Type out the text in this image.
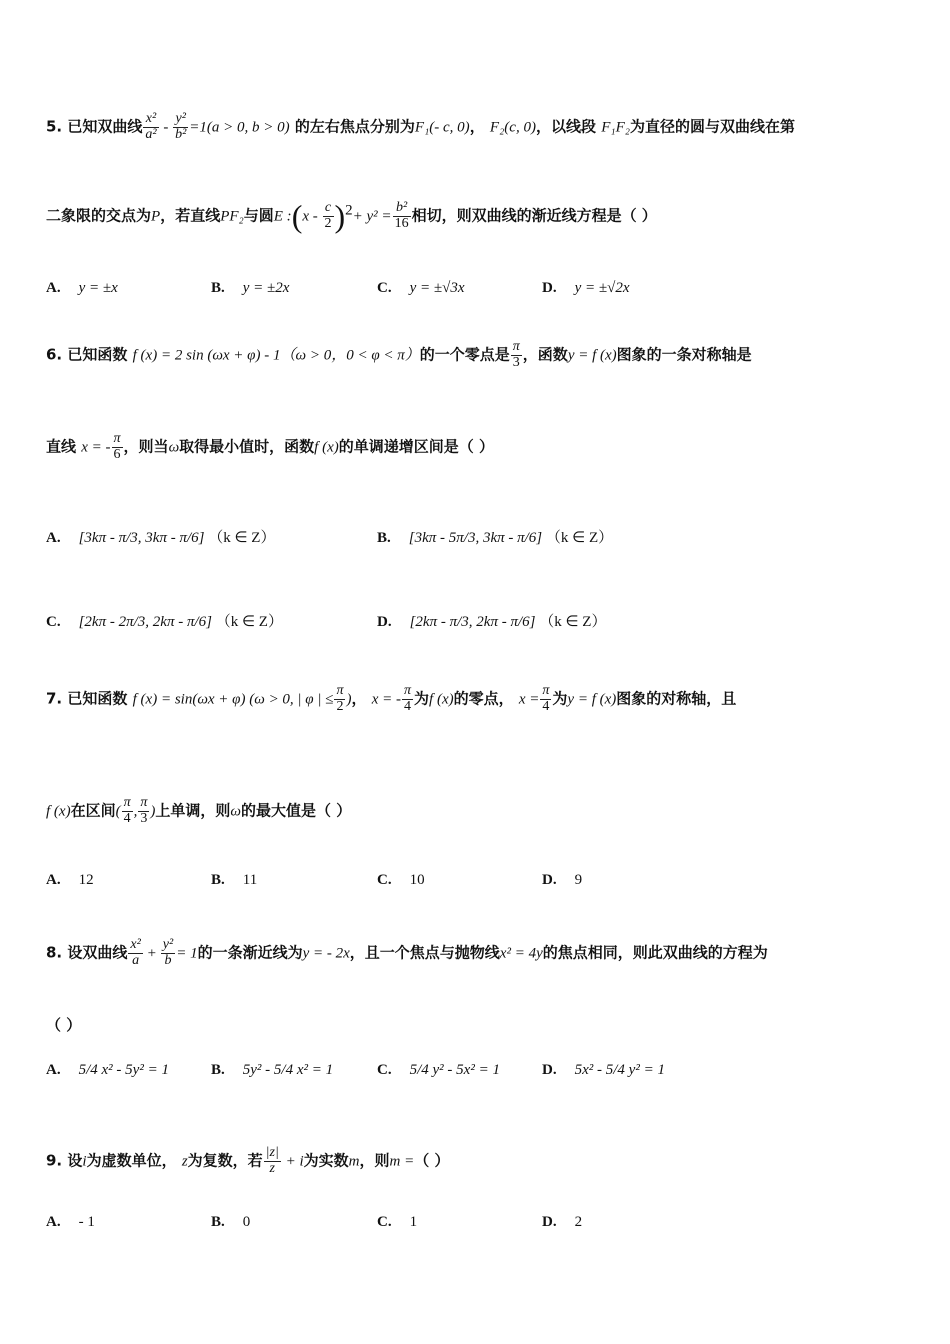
5. 已知双曲线 $\frac{\text{x²}}{\text{a²}} - \frac{\text{y²}}{\text{b²}} =1(a > 0$, b > 0) 的左右焦点分别为F₁(- c, 0)， F₂(c, 0)，以线段 F₁F₂为直径的圆与双曲线在第
二象限的交点为P，若直线PF₂与圆E :(x - $\frac{c}{2} )^2+ y^2 = \frac{\text{b²}}{16}$ 相切，则双曲线的渐近线方程是（ ）
A. y = ±x	B. y = ±2x	C. y = ±√3x	D. y = ±√2x
6. 已知函数 f (x) = 2 sin (ωx + φ) - 1（ω > 0，0 < φ < π）的一个零点是 $\frac{\pi}{3}$ ，函数y = f (x)图象的一条对称轴是
直线 x = - $\frac{\pi}{6}$ ，则当ω取得最小值时，函数f (x)的单调递增区间是（ ）
A. [3kπ - π/3, 3kπ - π/6] （k ∈ Z）	B. [3kπ - 5π/3, 3kπ - π/6] （k ∈ Z）
C. [2kπ - 2π/3, 2kπ - π/6] （k ∈ Z）	D. [2kπ - π/3, 2kπ - π/6] （k ∈ Z）
7. 已知函数 f (x) = sin(ωx + φ) (ω > 0, | φ | ≤ $\frac{\pi}{2}$ )， x = - $\frac{\pi}{4}$ 为f (x)的零点， $x = \frac{\pi}{4}$ 为y = f (x)图象的对称轴，且
f (x)在区间( $\frac{\pi}{4}$ , $\frac{\pi}{3}$ )上单调，则ω的最大值是（ ）
A. 12	B. 11	C. 10	D. 9
8. 设双曲线 $\frac{\text{x²}}{a} + \frac{\text{y²}}{b} = 1$的一条渐近线为y = - 2x，且一个焦点与抛物线x² = 4y的焦点相同，则此双曲线的方程为
（ ）
A. 5/4 x² - 5y² = 1	B. 5y² - 5/4 x² = 1	C. 5/4 y² - 5x² = 1	D. 5x² - 5/4 y² = 1
9. 设i为虚数单位， z为复数，若 $\frac{|z|}{z} + i$为实数m，则m =（ ）
A. - 1	B. 0	C. 1	D. 2
